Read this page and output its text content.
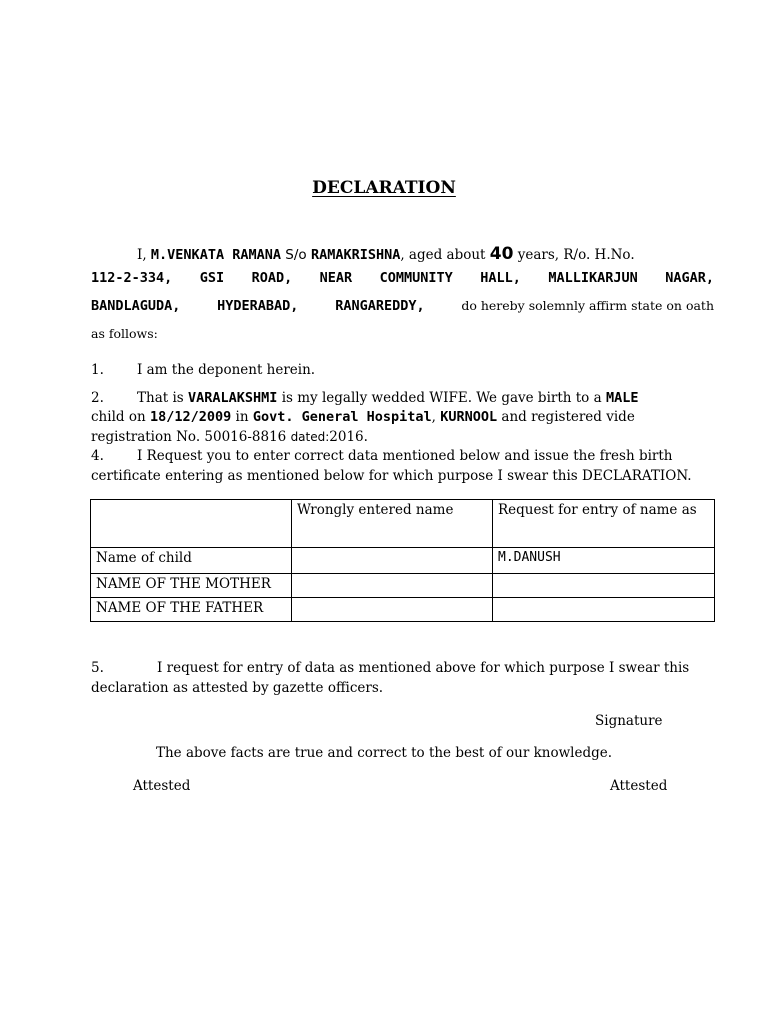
DECLARATION
I, M.VENKATA RAMANA S/o RAMAKRISHNA, aged about 40 years, R/o. H.No.
112-2-334, GSI ROAD, NEAR COMMUNITY HALL, MALLIKARJUN NAGAR,
BANDLAGUDA,	HYDERABAD,	RANGAREDDY,	do hereby solemnly affirm state on oath
as follows:
1. I am the deponent herein.
2. That is VARALAKSHMI is my legally wedded WIFE. We gave birth to a MALE
child on 18/12/2009 in Govt. General Hospital, KURNOOL and registered vide
registration No. 50016-8816 dated:2016.
4. I Request you to enter correct data mentioned below and issue the fresh birth
certificate entering as mentioned below for which purpose I swear this DECLARATION.
	Wrongly entered name	Request for entry of name as
Name of child		M.DANUSH
NAME OF THE MOTHER		
NAME OF THE FATHER		
5.	I request for entry of data as mentioned above for which purpose I swear this
declaration as attested by gazette officers.
Signature
The above facts are true and correct to the best of our knowledge.
Attested	Attested
